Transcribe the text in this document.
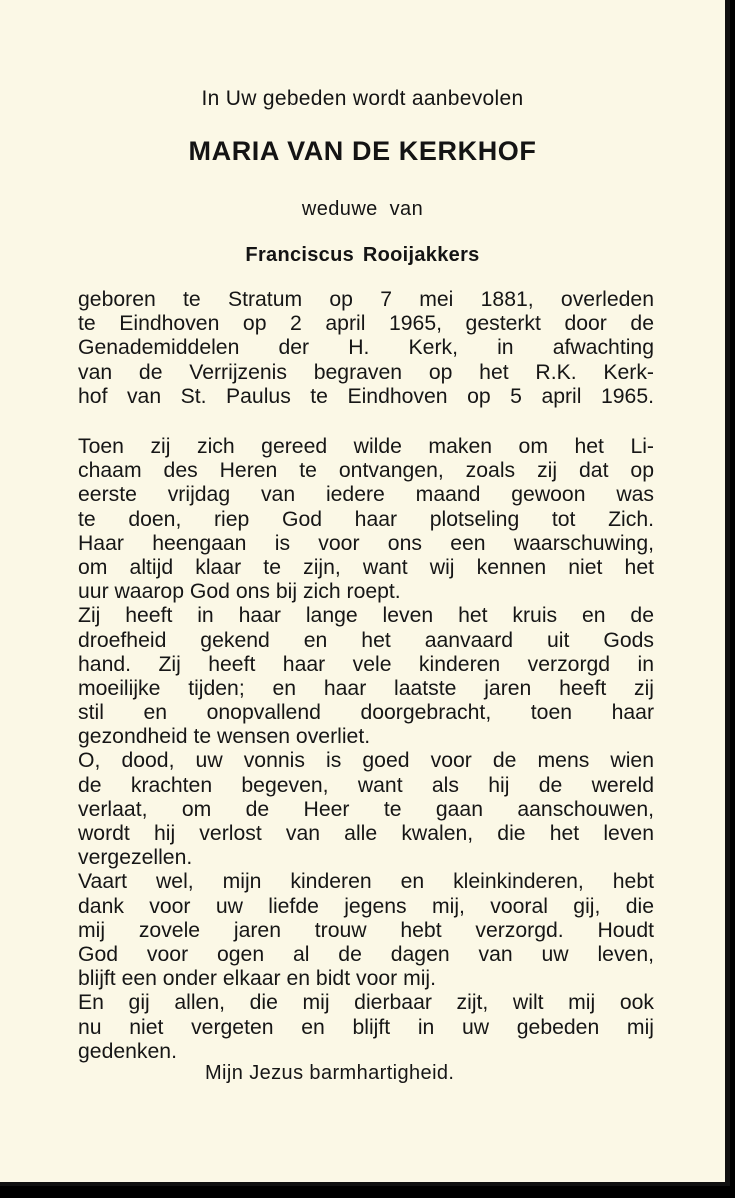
In Uw gebeden wordt aanbevolen
MARIA VAN DE KERKHOF
weduwe van
Franciscus Rooijakkers
geboren te Stratum op 7 mei 1881, overleden
te Eindhoven op 2 april 1965, gesterkt door de
Genademiddelen der H. Kerk, in afwachting
van de Verrijzenis begraven op het R.K. Kerk-
hof van St. Paulus te Eindhoven op 5 april 1965.
Toen zij zich gereed wilde maken om het Li-
chaam des Heren te ontvangen, zoals zij dat op
eerste vrijdag van iedere maand gewoon was
te doen, riep God haar plotseling tot Zich.
Haar heengaan is voor ons een waarschuwing,
om altijd klaar te zijn, want wij kennen niet het
uur waarop God ons bij zich roept.
Zij heeft in haar lange leven het kruis en de
droefheid gekend en het aanvaard uit Gods
hand. Zij heeft haar vele kinderen verzorgd in
moeilijke tijden; en haar laatste jaren heeft zij
stil en onopvallend doorgebracht, toen haar
gezondheid te wensen overliet.
O, dood, uw vonnis is goed voor de mens wien
de krachten begeven, want als hij de wereld
verlaat, om de Heer te gaan aanschouwen,
wordt hij verlost van alle kwalen, die het leven
vergezellen.
Vaart wel, mijn kinderen en kleinkinderen, hebt
dank voor uw liefde jegens mij, vooral gij, die
mij zovele jaren trouw hebt verzorgd. Houdt
God voor ogen al de dagen van uw leven,
blijft een onder elkaar en bidt voor mij.
En gij allen, die mij dierbaar zijt, wilt mij ook
nu niet vergeten en blijft in uw gebeden mij
gedenken.
Mijn Jezus barmhartigheid.
